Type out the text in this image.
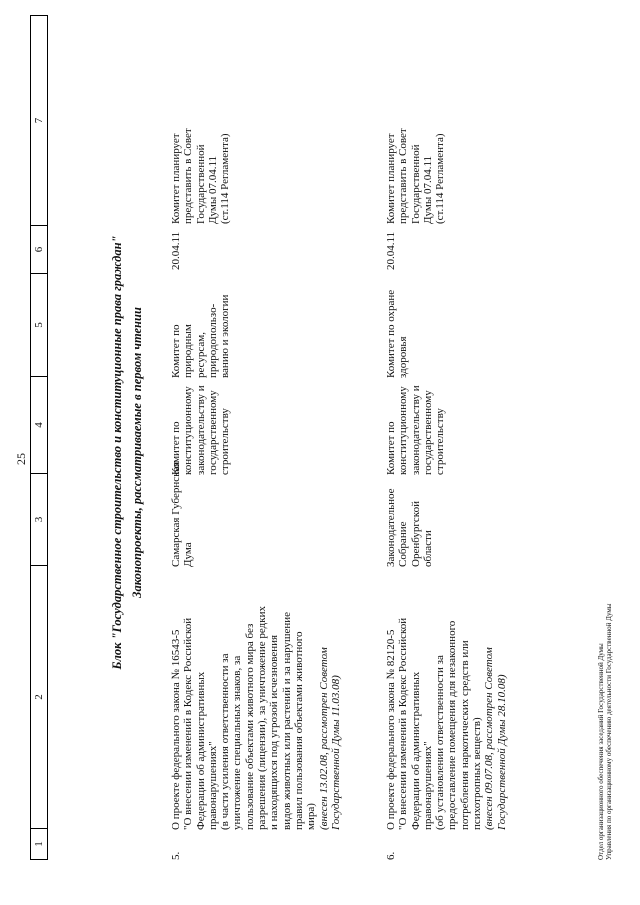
25
1
2
3
4
5
6
7
Блок "Государственное строительство и конституционные права граждан" Законопроекты, рассматриваемые в первом чтении
5.
О проекте федерального закона № 16543-5 "О внесении изменений в Кодекс Российской Федерации об административных правонарушениях" (в части усиления ответственности за уничтожение специальных знаков, за пользование объектами животного мира без разрешения (лицензии), за уничтожение редких и находящихся под угрозой исчезновения видов животных или растений и за нарушение правил пользования объектами животного мира) (внесен 13.02.08, рассмотрен Советом Государственной Думы 11.03.08)
Самарская Губернская Дума
Комитет по конституционному законодательству и государственному строительству
Комитет по природным ресурсам, природопользо- ванию и экологии
20.04.11
Комитет планирует представить в Совет Государственной Думы 07.04.11 (ст.114 Регламента)
6.
О проекте федерального закона № 82120-5 "О внесении изменений в Кодекс Российской Федерации об административных правонарушениях" (об установлении ответственности за предоставление помещения для незаконного потребления наркотических средств или психотропных веществ) (внесен 09.07.08, рассмотрен Советом Государственной Думы 28.10.08)
Законодательное Собрание Оренбургской области
Комитет по конституционному законодательству и государственному строительству
Комитет по охране здоровья
20.04.11
Комитет планирует представить в Совет Государственной Думы 07.04.11 (ст.114 Регламента)
Отдел организационного обеспечения заседаний Государственной Думы Управления по организационному обеспечению деятельности Государственной Думы
